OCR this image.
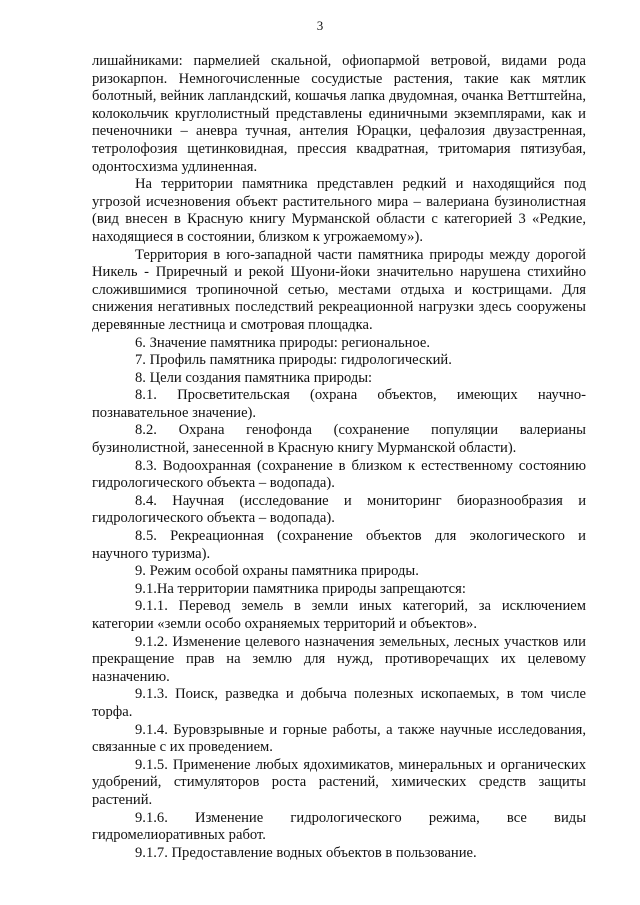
3

лишайниками: пармелией скальной, офиопармой ветровой, видами рода ризокарпон. Немногочисленные сосудистые растения, такие как мятлик болотный, вейник лапландский, кошачья лапка двудомная, очанка Веттштейна, колокольчик круглолистный представлены единичными экземплярами, как и печеночники – аневра тучная, антелия Юрацки, цефалозия двузастренная, тетролофозия щетинковидная, прессия квадратная, тритомария пятизубая, одонтосхизма удлиненная.

На территории памятника представлен редкий и находящийся под угрозой исчезновения объект растительного мира – валериана бузинолистная (вид внесен в Красную книгу Мурманской области с категорией 3 «Редкие, находящиеся в состоянии, близком к угрожаемому»).

Территория в юго-западной части памятника природы между дорогой Никель - Приречный и рекой Шуони-йоки значительно нарушена стихийно сложившимися тропиночной сетью, местами отдыха и кострищами. Для снижения негативных последствий рекреационной нагрузки здесь сооружены деревянные лестница и смотровая площадка.

6. Значение памятника природы: региональное.

7. Профиль памятника природы: гидрологический.

8. Цели создания памятника природы:

8.1. Просветительская (охрана объектов, имеющих научно-познавательное значение).

8.2. Охрана генофонда (сохранение популяции валерианы бузинолистной, занесенной в Красную книгу Мурманской области).

8.3. Водоохранная (сохранение в близком к естественному состоянию гидрологического объекта – водопада).

8.4. Научная (исследование и мониторинг биоразнообразия и гидрологического объекта – водопада).

8.5. Рекреационная (сохранение объектов для экологического и научного туризма).

9. Режим особой охраны памятника природы.

9.1.На территории памятника природы запрещаются:

9.1.1. Перевод земель в земли иных категорий, за исключением категории «земли особо охраняемых территорий и объектов».

9.1.2. Изменение целевого назначения земельных, лесных участков или прекращение прав на землю для нужд, противоречащих их целевому назначению.

9.1.3. Поиск, разведка и добыча полезных ископаемых, в том числе торфа.

9.1.4. Буровзрывные и горные работы, а также научные исследования, связанные с их проведением.

9.1.5. Применение любых ядохимикатов, минеральных и органических удобрений, стимуляторов роста растений, химических средств защиты растений.

9.1.6. Изменение гидрологического режима, все виды гидромелиоративных работ.

9.1.7. Предоставление водных объектов в пользование.
